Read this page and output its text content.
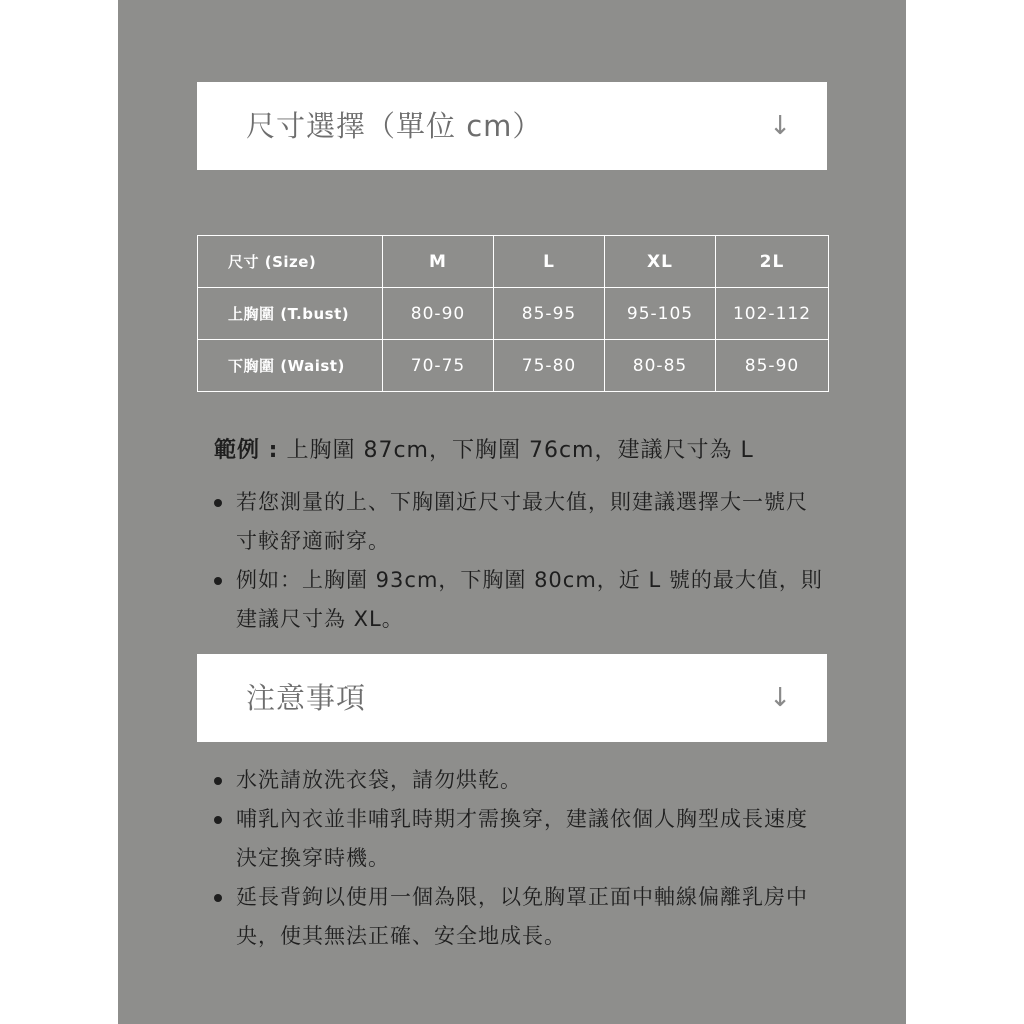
尺寸選擇（單位 cm）	↓
尺寸 (Size)	M	L	XL	2L
上胸圍 (T.bust)	80-90	85-95	95-105	102-112
下胸圍 (Waist)	70-75	75-80	80-85	85-90
範例 : 上胸圍 87cm，下胸圍 76cm，建議尺寸為 L
若您測量的上、下胸圍近尺寸最大值，則建議選擇大一號尺寸較舒適耐穿。
例如：上胸圍 93cm，下胸圍 80cm，近 L 號的最大值，則建議尺寸為 XL。
注意事項	↓
水洗請放洗衣袋，請勿烘乾。
哺乳內衣並非哺乳時期才需換穿，建議依個人胸型成長速度決定換穿時機。
延長背鉤以使用一個為限，以免胸罩正面中軸線偏離乳房中央，使其無法正確、安全地成長。
